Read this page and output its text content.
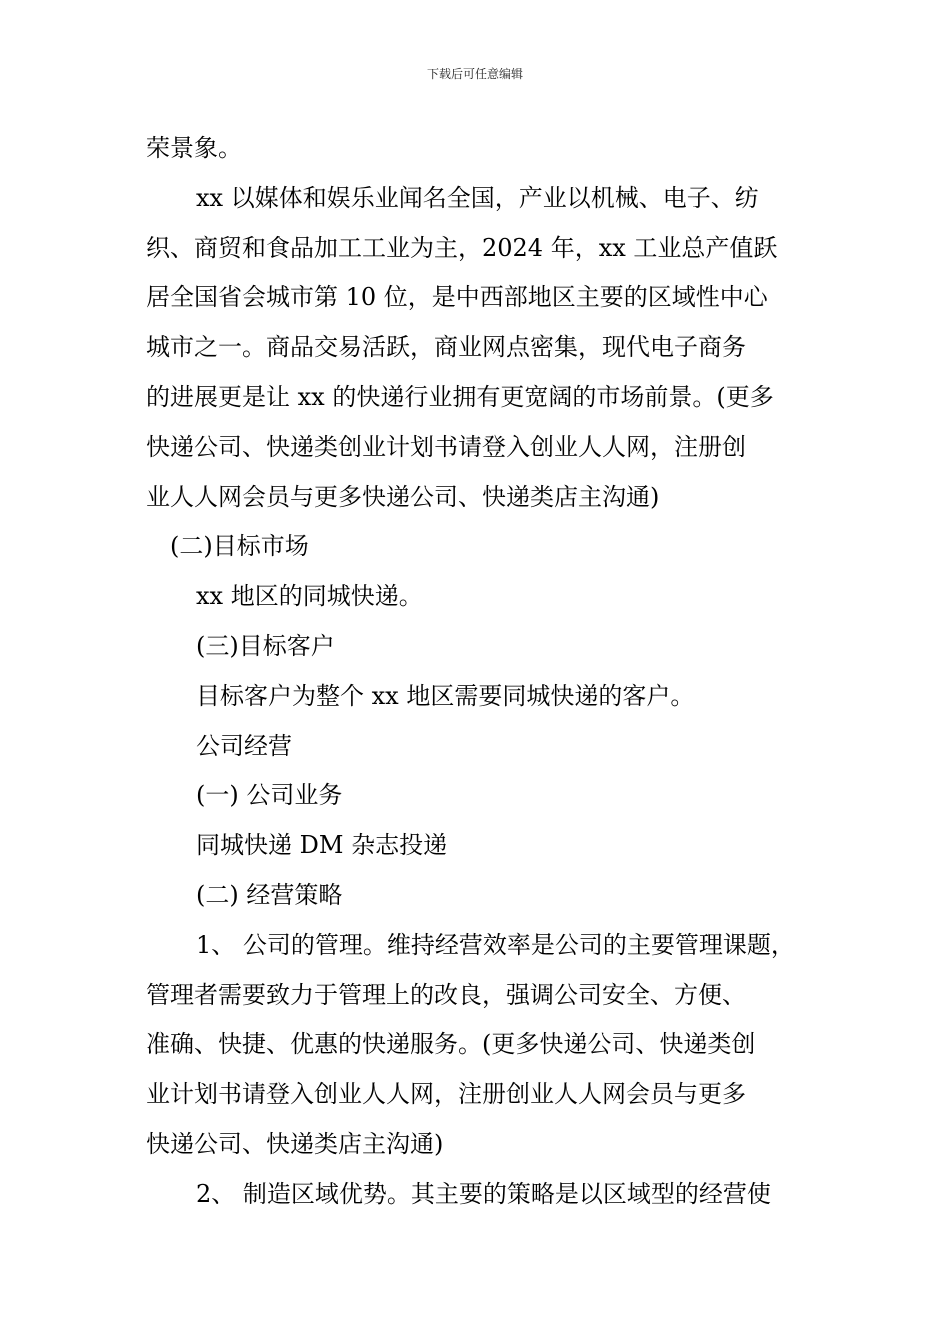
下载后可任意编辑
荣景象。
xx 以媒体和娱乐业闻名全国，产业以机械、电子、纺
织、商贸和食品加工工业为主，2024 年，xx 工业总产值跃
居全国省会城市第 10 位，是中西部地区主要的区域性中心
城市之一。商品交易活跃，商业网点密集，现代电子商务
的进展更是让 xx 的快递行业拥有更宽阔的市场前景。(更多
快递公司、快递类创业计划书请登入创业人人网，注册创
业人人网会员与更多快递公司、快递类店主沟通)
(二)目标市场
xx 地区的同城快递。
(三)目标客户
目标客户为整个 xx 地区需要同城快递的客户。
公司经营
(一) 公司业务
同城快递 DM 杂志投递
(二) 经营策略
1、 公司的管理。维持经营效率是公司的主要管理课题，
管理者需要致力于管理上的改良，强调公司安全、方便、
准确、快捷、优惠的快递服务。(更多快递公司、快递类创
业计划书请登入创业人人网，注册创业人人网会员与更多
快递公司、快递类店主沟通)
2、 制造区域优势。其主要的策略是以区域型的经营使
